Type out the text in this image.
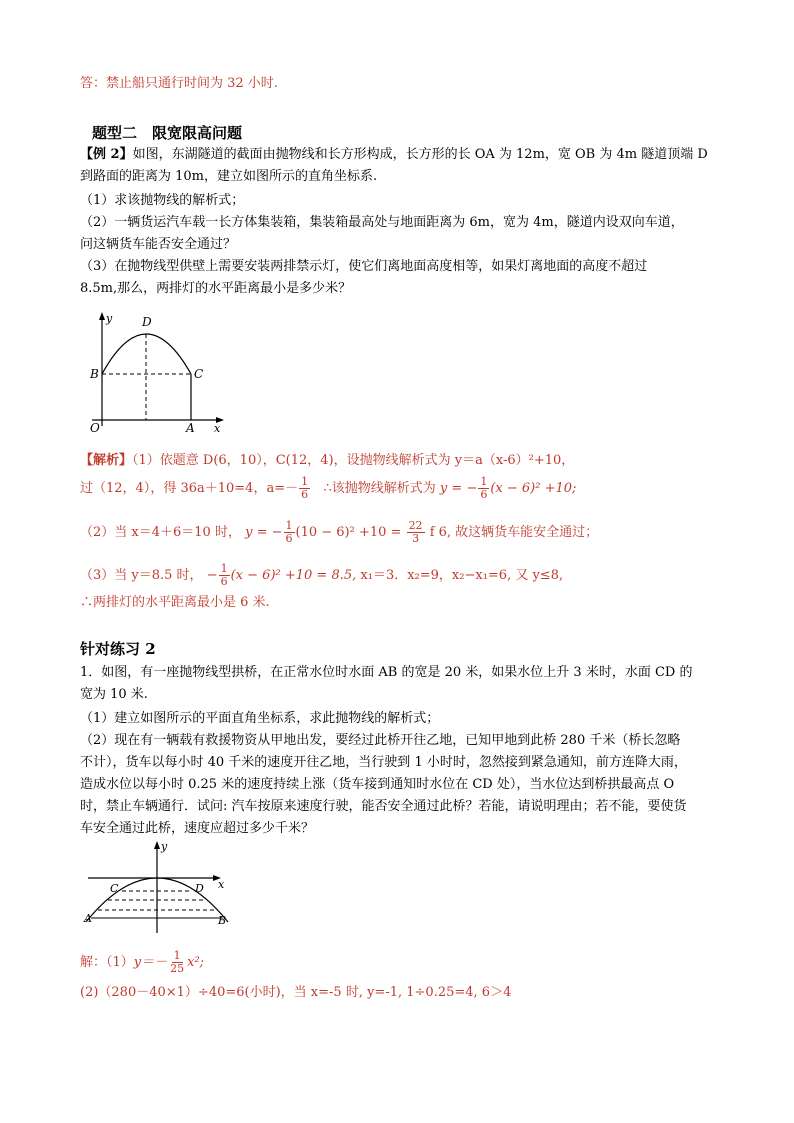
答：禁止船只通行时间为 32 小时.
题型二　限宽限高问题
【例 2】如图，东湖隧道的截面由抛物线和长方形构成，长方形的长 OA 为 12m，宽 OB 为 4m 隧道顶端 D
到路面的距离为 10m，建立如图所示的直角坐标系.
（1）求该抛物线的解析式；
（2）一辆货运汽车载一长方体集装箱，集装箱最高处与地面距离为 6m，宽为 4m，隧道内设双向车道，
问这辆货车能否安全通过？
（3）在抛物线型供壁上需要安装两排禁示灯，使它们离地面高度相等，如果灯离地面的高度不超过
8.5m,那么，两排灯的水平距离最小是多少米？
y D
B	C
O	A x
【解析】（1）依题意 D(6，10），C(12，4)，设抛物线解析式为 y＝a（x-6）²+10，
过（12，4），得 36a＋10=4，$a=- \frac{1}{6}$ ∴该抛物线解析式为 y = − $\frac{1}{6} (x - 6)^2 +10$;
（2）当 x＝4＋6＝10 时， y = − $\frac{1}{6} (10 - 6)^2 +10 = \frac{22}{3}$ f 6, 故这辆货车能安全通过；
（3）当 y＝8.5 时， − $\frac{1}{6} (x - 6)^2 +10 = 8.5$, x₁＝3．x₂=9，x₂−x₁=6, 又 y≤8,
∴两排灯的水平距离最小是 6 米.
针对练习 2
1．如图，有一座抛物线型拱桥，在正常水位时水面 AB 的宽是 20 米，如果水位上升 3 米时，水面 CD 的
宽为 10 米.
（1）建立如图所示的平面直角坐标系，求此抛物线的解析式；
（2）现在有一辆载有救援物资从甲地出发，要经过此桥开往乙地，已知甲地到此桥 280 千米（桥长忽略
不计），货车以每小时 40 千米的速度开往乙地，当行驶到 1 小时时，忽然接到紧急通知，前方连降大雨，
造成水位以每小时 0.25 米的速度持续上涨（货车接到通知时水位在 CD 处），当水位达到桥拱最高点 O
时，禁止车辆通行．试问: 汽车按原来速度行驶，能否安全通过此桥？若能，请说明理由；若不能，要使货
车安全通过此桥，速度应超过多少千米？
y
C	D x
A	B
解：$(1)y=- \frac{1}{25} x^2$;
(2)（280－40×1）÷40=6(小时)，当 x=-5 时, y=-1, 1÷0.25=4, 6＞4
